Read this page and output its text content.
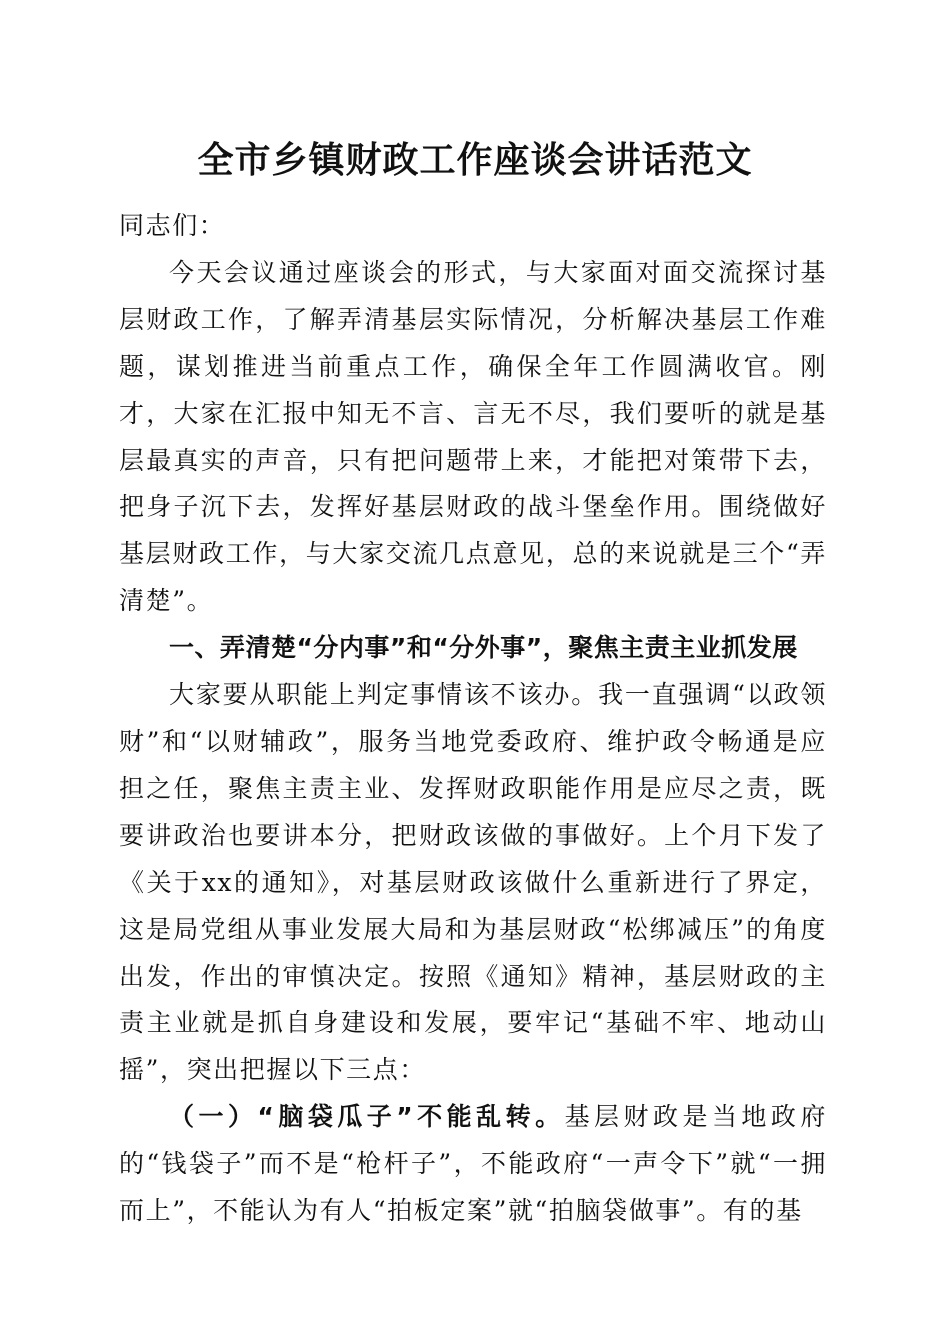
全市乡镇财政工作座谈会讲话范文

同志们：

今天会议通过座谈会的形式，与大家面对面交流探讨基层财政工作，了解弄清基层实际情况，分析解决基层工作难题，谋划推进当前重点工作，确保全年工作圆满收官。刚才，大家在汇报中知无不言、言无不尽，我们要听的就是基层最真实的声音，只有把问题带上来，才能把对策带下去，把身子沉下去，发挥好基层财政的战斗堡垒作用。围绕做好基层财政工作，与大家交流几点意见，总的来说就是三个“弄清楚”。

一、弄清楚“分内事”和“分外事”，聚焦主责主业抓发展

大家要从职能上判定事情该不该办。我一直强调“以政领财”和“以财辅政”，服务当地党委政府、维护政令畅通是应担之任，聚焦主责主业、发挥财政职能作用是应尽之责，既要讲政治也要讲本分，把财政该做的事做好。上个月下发了《关于xx的通知》，对基层财政该做什么重新进行了界定，这是局党组从事业发展大局和为基层财政“松绑减压”的角度出发，作出的审慎决定。按照《通知》精神，基层财政的主责主业就是抓自身建设和发展，要牢记“基础不牢、地动山摇”，突出把握以下三点：

（一）“脑袋瓜子”不能乱转。基层财政是当地政府的“钱袋子”而不是“枪杆子”，不能政府“一声令下”就“一拥而上”，不能认为有人“拍板定案”就“拍脑袋做事”。有的基
